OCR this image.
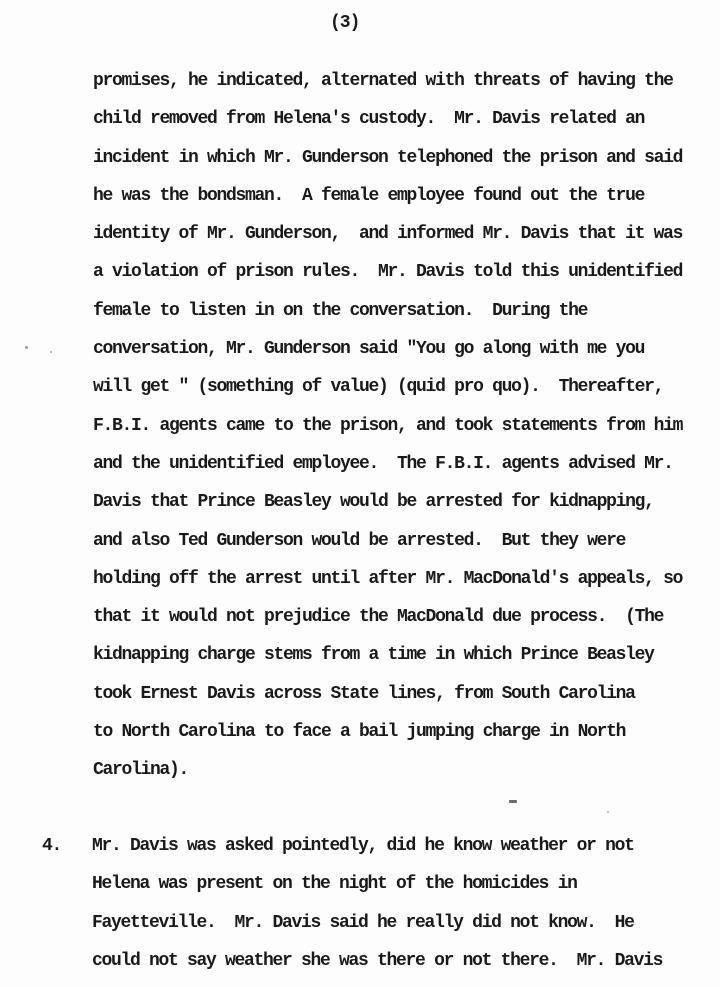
(3)
promises, he indicated, alternated with threats of having the
child removed from Helena's custody.  Mr. Davis related an
incident in which Mr. Gunderson telephoned the prison and said
he was the bondsman.  A female employee found out the true
identity of Mr. Gunderson,  and informed Mr. Davis that it was
a violation of prison rules.  Mr. Davis told this unidentified
female to listen in on the conversation.  During the
conversation, Mr. Gunderson said "You go along with me you
will get " (something of value) (quid pro quo).  Thereafter,
F.B.I. agents came to the prison, and took statements from him
and the unidentified employee.  The F.B.I. agents advised Mr.
Davis that Prince Beasley would be arrested for kidnapping,
and also Ted Gunderson would be arrested.  But they were
holding off the arrest until after Mr. MacDonald's appeals, so
that it would not prejudice the MacDonald due process.  (The
kidnapping charge stems from a time in which Prince Beasley
took Ernest Davis across State lines, from South Carolina
to North Carolina to face a bail jumping charge in North
Carolina).
4. Mr. Davis was asked pointedly, did he know weather or not
Helena was present on the night of the homicides in
Fayetteville.  Mr. Davis said he really did not know.  He
could not say weather she was there or not there.  Mr. Davis
